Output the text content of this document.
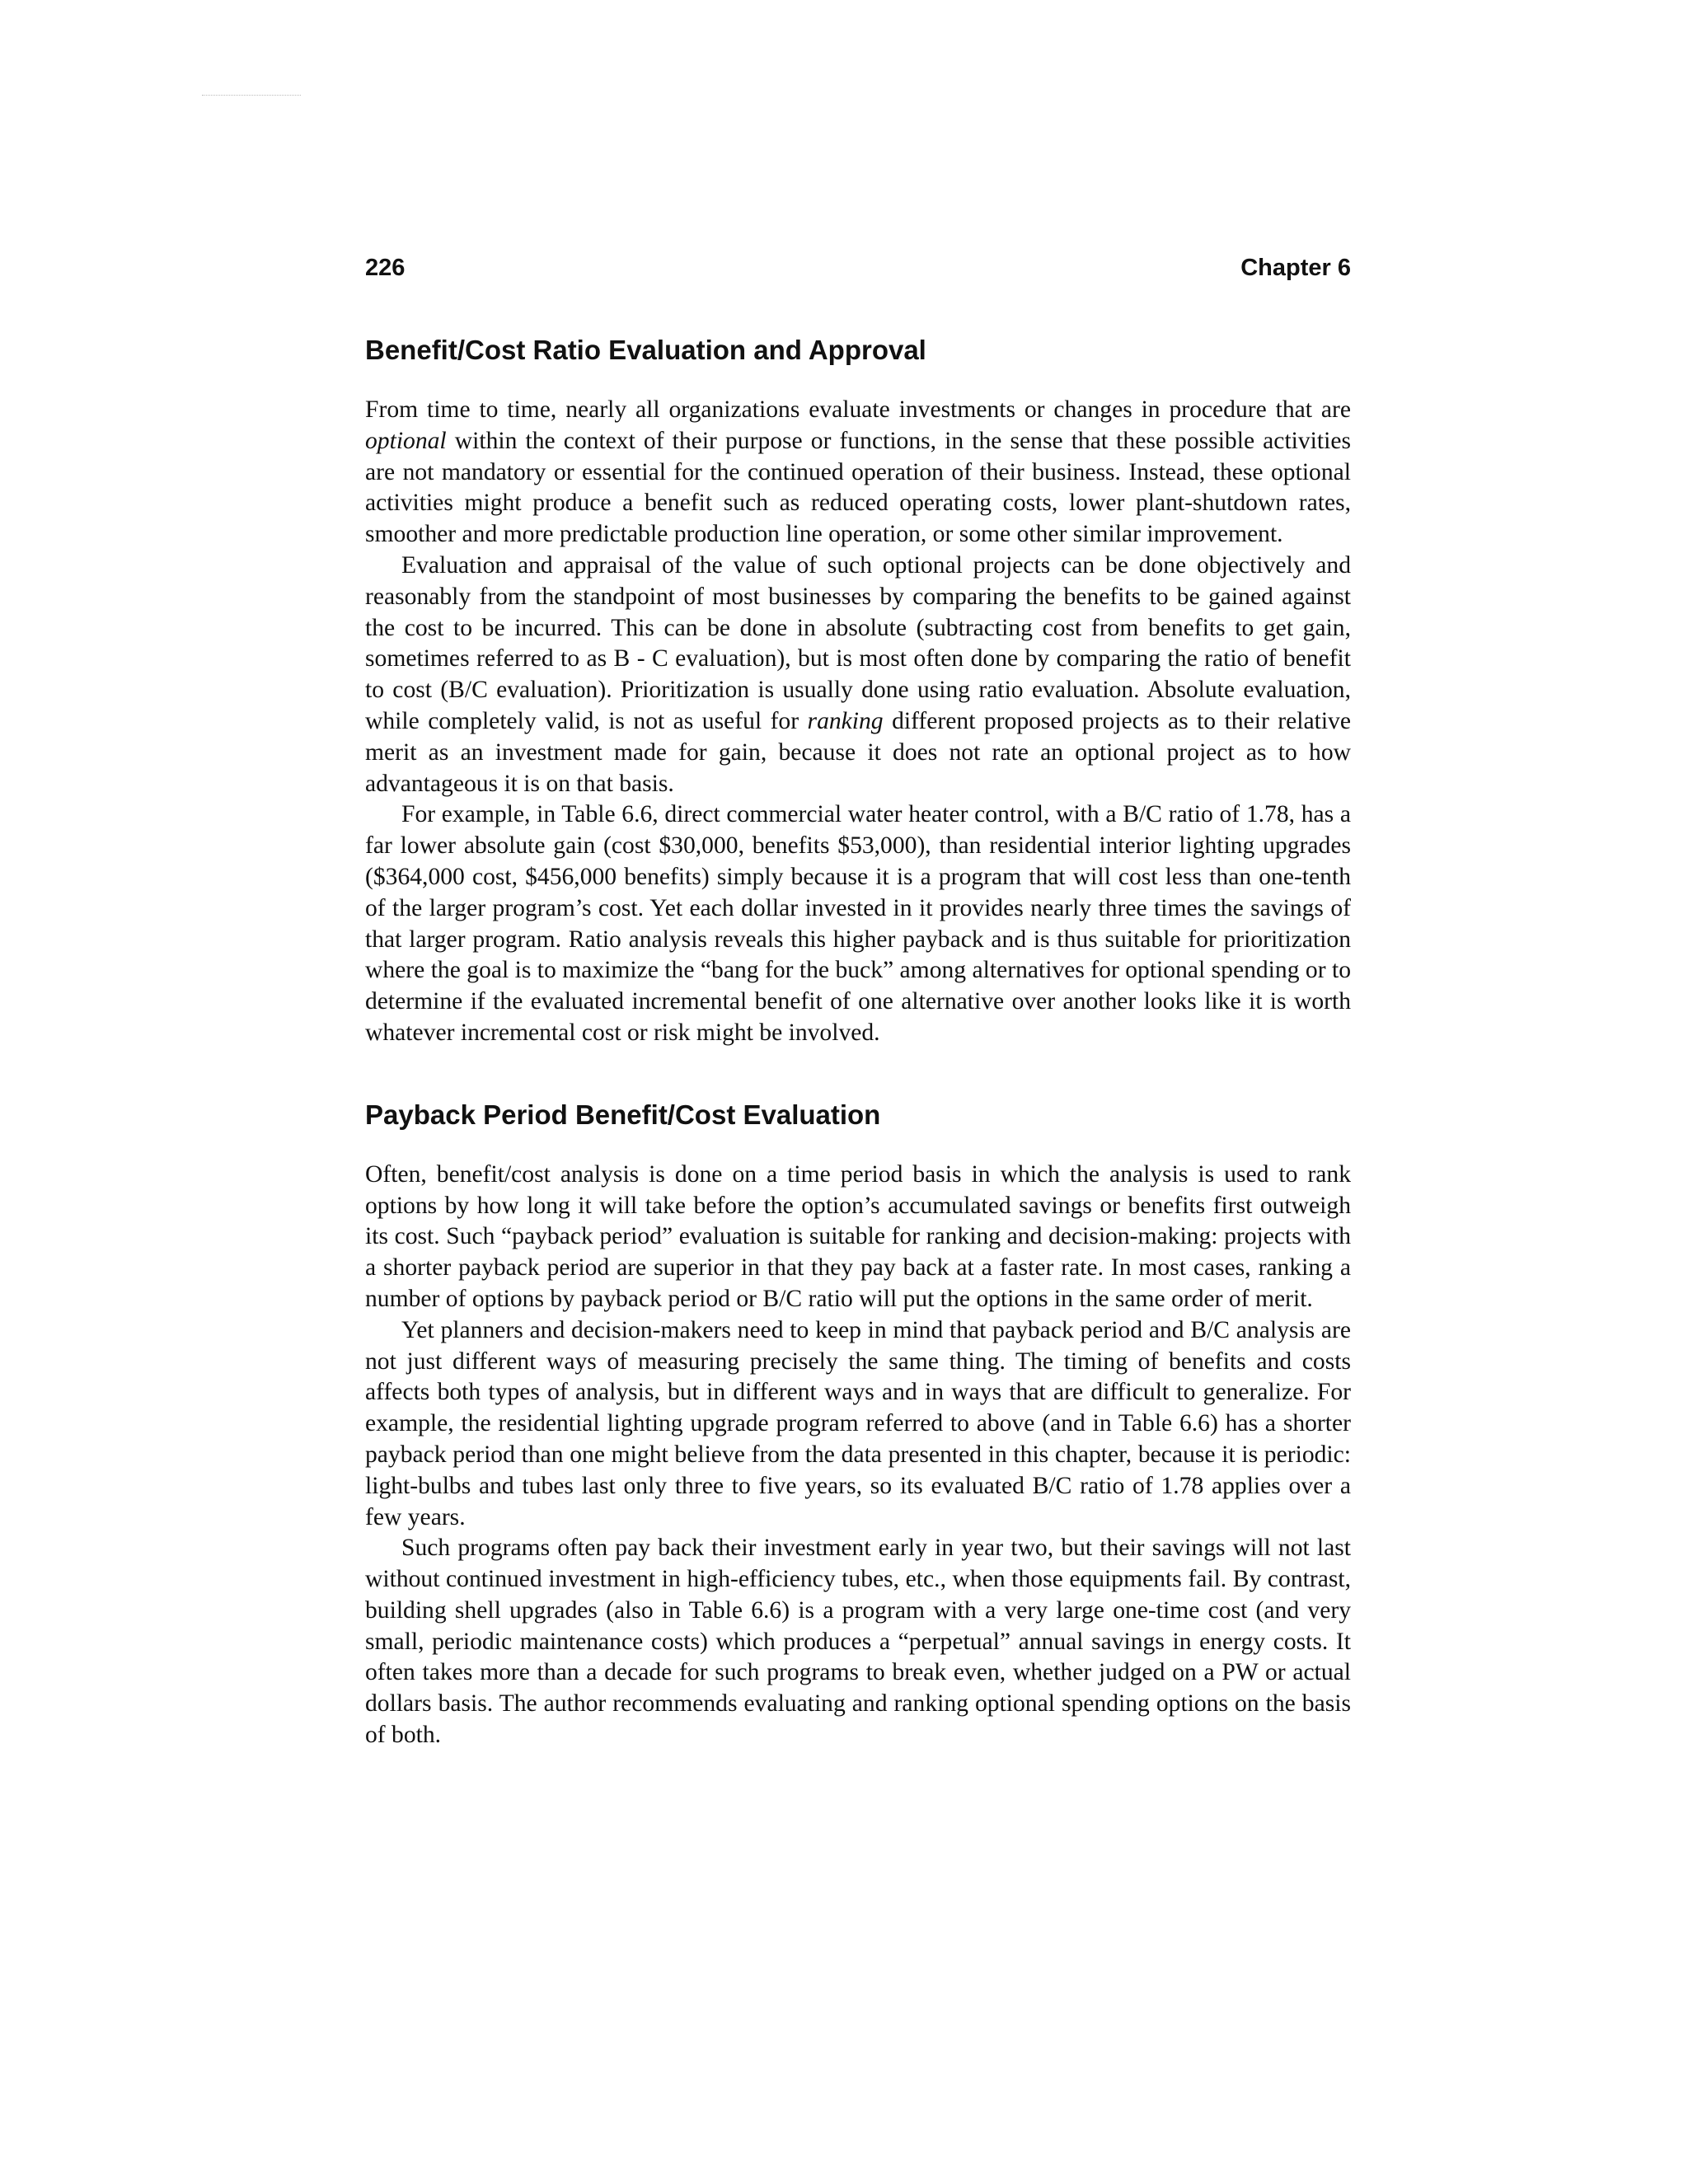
226	Chapter 6
Benefit/Cost Ratio Evaluation and Approval

From time to time, nearly all organizations evaluate investments or changes in procedure that are optional within the context of their purpose or functions, in the sense that these possible activities are not mandatory or essential for the continued operation of their business. Instead, these optional activities might produce a benefit such as reduced operating costs, lower plant-shutdown rates, smoother and more predictable production line operation, or some other similar improvement.

Evaluation and appraisal of the value of such optional projects can be done objectively and reasonably from the standpoint of most businesses by comparing the benefits to be gained against the cost to be incurred. This can be done in absolute (subtracting cost from benefits to get gain, sometimes referred to as B - C evaluation), but is most often done by comparing the ratio of benefit to cost (B/C evaluation). Prioritization is usually done using ratio evaluation. Absolute evaluation, while completely valid, is not as useful for ranking different proposed projects as to their relative merit as an investment made for gain, because it does not rate an optional project as to how advantageous it is on that basis.

For example, in Table 6.6, direct commercial water heater control, with a B/C ratio of 1.78, has a far lower absolute gain (cost $30,000, benefits $53,000), than residential interior lighting upgrades ($364,000 cost, $456,000 benefits) simply because it is a program that will cost less than one-tenth of the larger program’s cost. Yet each dollar invested in it provides nearly three times the savings of that larger program. Ratio analysis reveals this higher payback and is thus suitable for prioritization where the goal is to maximize the “bang for the buck” among alternatives for optional spending or to determine if the evaluated incremental benefit of one alternative over another looks like it is worth whatever incremental cost or risk might be involved.

Payback Period Benefit/Cost Evaluation

Often, benefit/cost analysis is done on a time period basis in which the analysis is used to rank options by how long it will take before the option’s accumulated savings or benefits first outweigh its cost. Such “payback period” evaluation is suitable for ranking and decision-making: projects with a shorter payback period are superior in that they pay back at a faster rate. In most cases, ranking a number of options by payback period or B/C ratio will put the options in the same order of merit.

Yet planners and decision-makers need to keep in mind that payback period and B/C analysis are not just different ways of measuring precisely the same thing. The timing of benefits and costs affects both types of analysis, but in different ways and in ways that are difficult to generalize. For example, the residential lighting upgrade program referred to above (and in Table 6.6) has a shorter payback period than one might believe from the data presented in this chapter, because it is periodic: light-bulbs and tubes last only three to five years, so its evaluated B/C ratio of 1.78 applies over a few years.

Such programs often pay back their investment early in year two, but their savings will not last without continued investment in high-efficiency tubes, etc., when those equipments fail. By contrast, building shell upgrades (also in Table 6.6) is a program with a very large one-time cost (and very small, periodic maintenance costs) which produces a “perpetual” annual savings in energy costs. It often takes more than a decade for such programs to break even, whether judged on a PW or actual dollars basis. The author recommends evaluating and ranking optional spending options on the basis of both.
